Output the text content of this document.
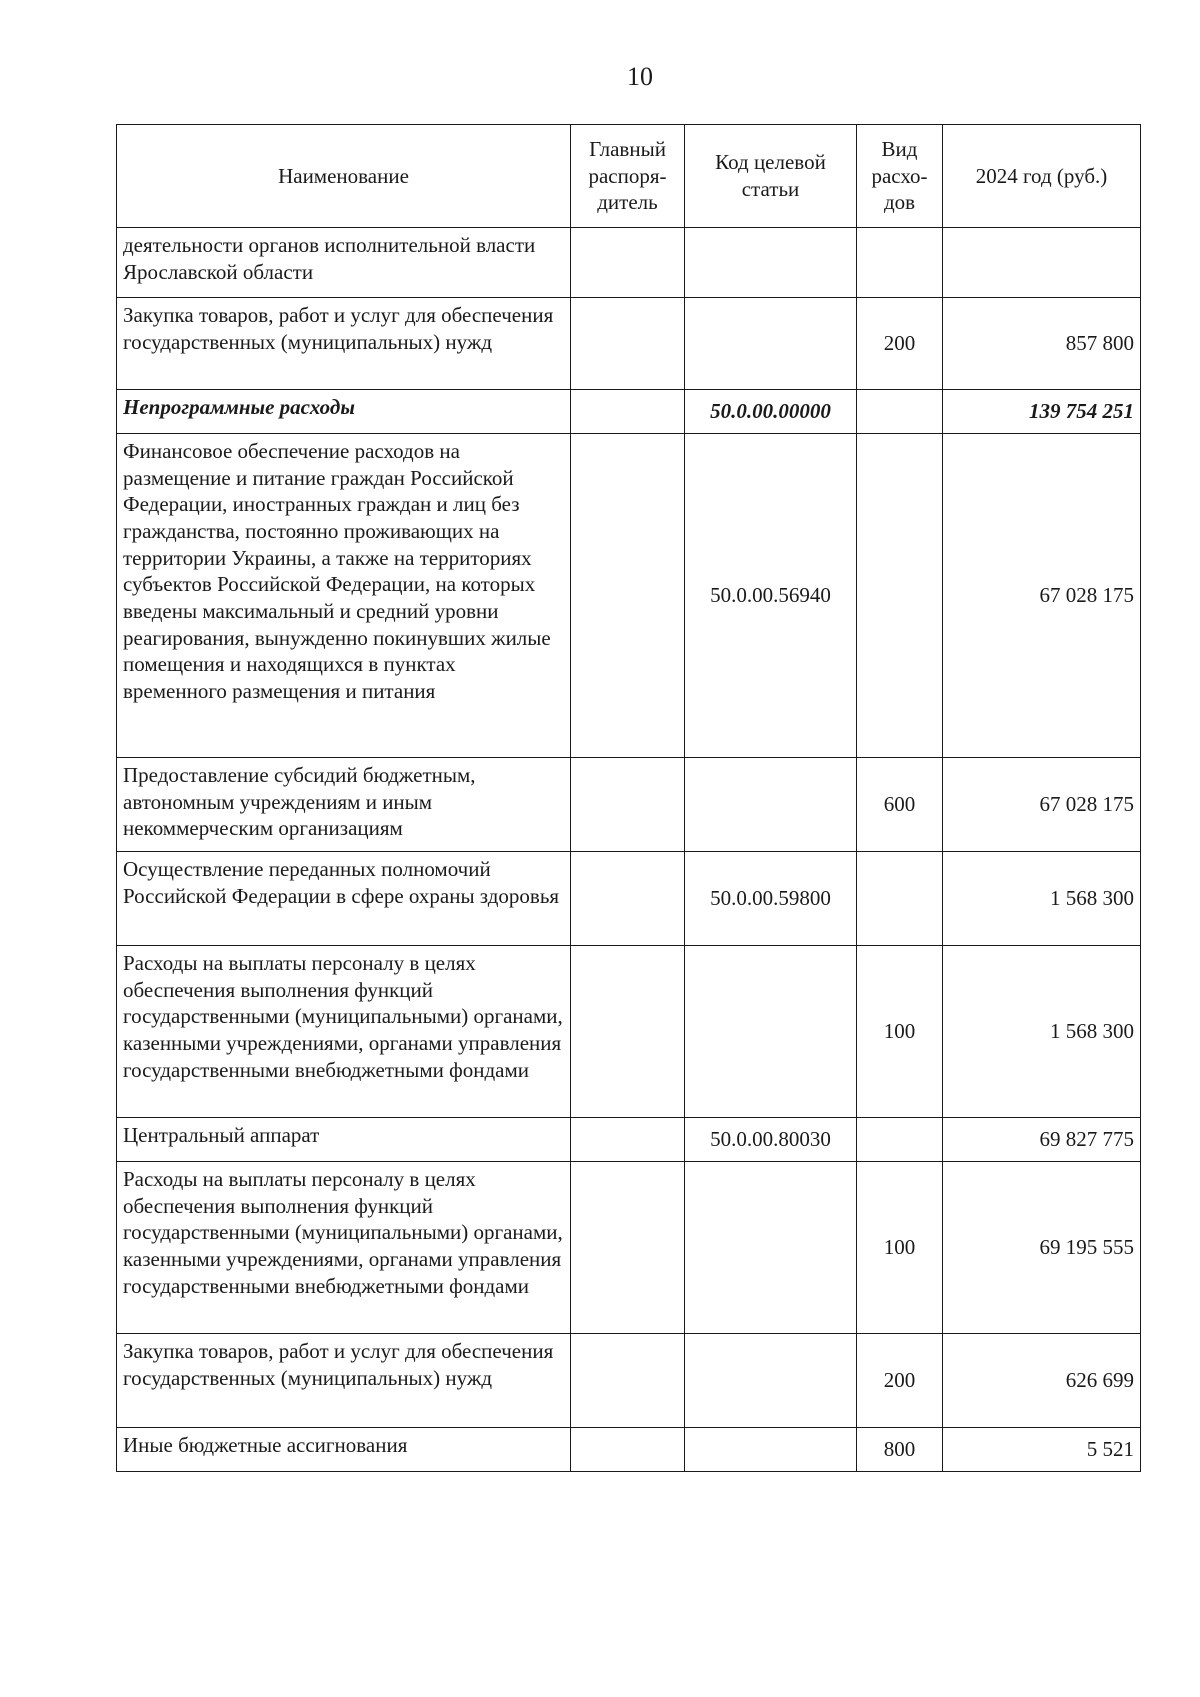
10
Наименование	Главный распоря-дитель	Код целевой статьи	Вид расхо-дов	2024 год (руб.)
деятельности органов исполнительной власти Ярославской области				
Закупка товаров, работ и услуг для обеспечения государственных (муниципальных) нужд			200	857 800
Непрограммные расходы		50.0.00.00000		139 754 251
Финансовое обеспечение расходов на размещение и питание граждан Российской Федерации, иностранных граждан и лиц без гражданства, постоянно проживающих на территории Украины, а также на территориях субъектов Российской Федерации, на которых введены максимальный и средний уровни реагирования, вынужденно покинувших жилые помещения и находящихся в пунктах временного размещения и питания		50.0.00.56940		67 028 175
Предоставление субсидий бюджетным, автономным учреждениям и иным некоммерческим организациям			600	67 028 175
Осуществление переданных полномочий Российской Федерации в сфере охраны здоровья		50.0.00.59800		1 568 300
Расходы на выплаты персоналу в целях обеспечения выполнения функций государственными (муниципальными) органами, казенными учреждениями, органами управления государственными внебюджетными фондами			100	1 568 300
Центральный аппарат		50.0.00.80030		69 827 775
Расходы на выплаты персоналу в целях обеспечения выполнения функций государственными (муниципальными) органами, казенными учреждениями, органами управления государственными внебюджетными фондами			100	69 195 555
Закупка товаров, работ и услуг для обеспечения государственных (муниципальных) нужд			200	626 699
Иные бюджетные ассигнования			800	5 521
